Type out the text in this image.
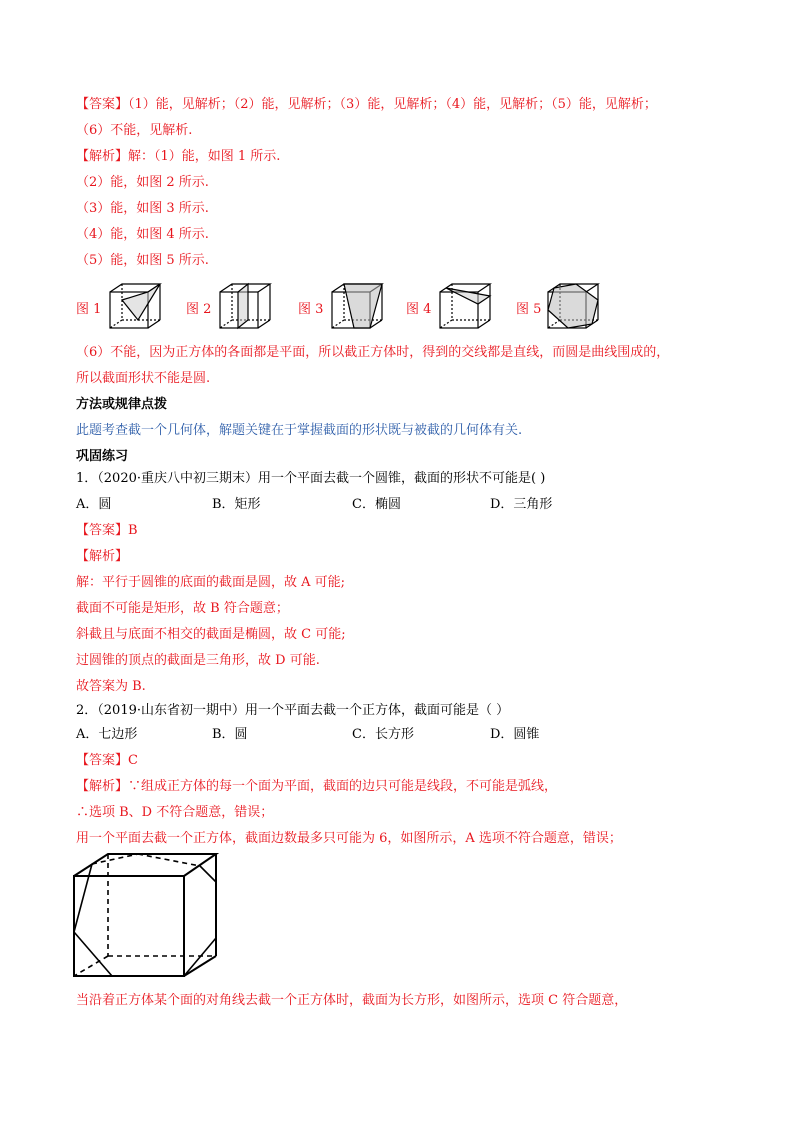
【答案】（1）能，见解析；（2）能，见解析；（3）能，见解析；（4）能，见解析；（5）能，见解析；
（6）不能，见解析.
【解析】解：（1）能，如图 1 所示.
（2）能，如图 2 所示.
（3）能，如图 3 所示.
（4）能，如图 4 所示.
（5）能，如图 5 所示.
图 1	图 2	图 3	图 4	图 5
（6）不能，因为正方体的各面都是平面，所以截正方体时，得到的交线都是直线，而圆是曲线围成的，
所以截面形状不能是圆.
方法或规律点拨
此题考查截一个几何体，解题关键在于掌握截面的形状既与被截的几何体有关.
巩固练习
1．（2020·重庆八中初三期末）用一个平面去截一个圆锥，截面的形状不可能是( )
A．圆	B．矩形	C．椭圆	D．三角形
【答案】B
【解析】
解：平行于圆锥的底面的截面是圆，故 A 可能;
截面不可能是矩形，故 B 符合题意；
斜截且与底面不相交的截面是椭圆，故 C 可能;
过圆锥的顶点的截面是三角形，故 D 可能.
故答案为 B.
2．（2019·山东省初一期中）用一个平面去截一个正方体，截面可能是（ ）
A．七边形	B．圆	C．长方形	D．圆锥
【答案】C
【解析】∵组成正方体的每一个面为平面，截面的边只可能是线段，不可能是弧线，
∴选项 B、D 不符合题意，错误；
用一个平面去截一个正方体，截面边数最多只可能为 6，如图所示，A 选项不符合题意，错误；
当沿着正方体某个面的对角线去截一个正方体时，截面为长方形，如图所示，选项 C 符合题意，
